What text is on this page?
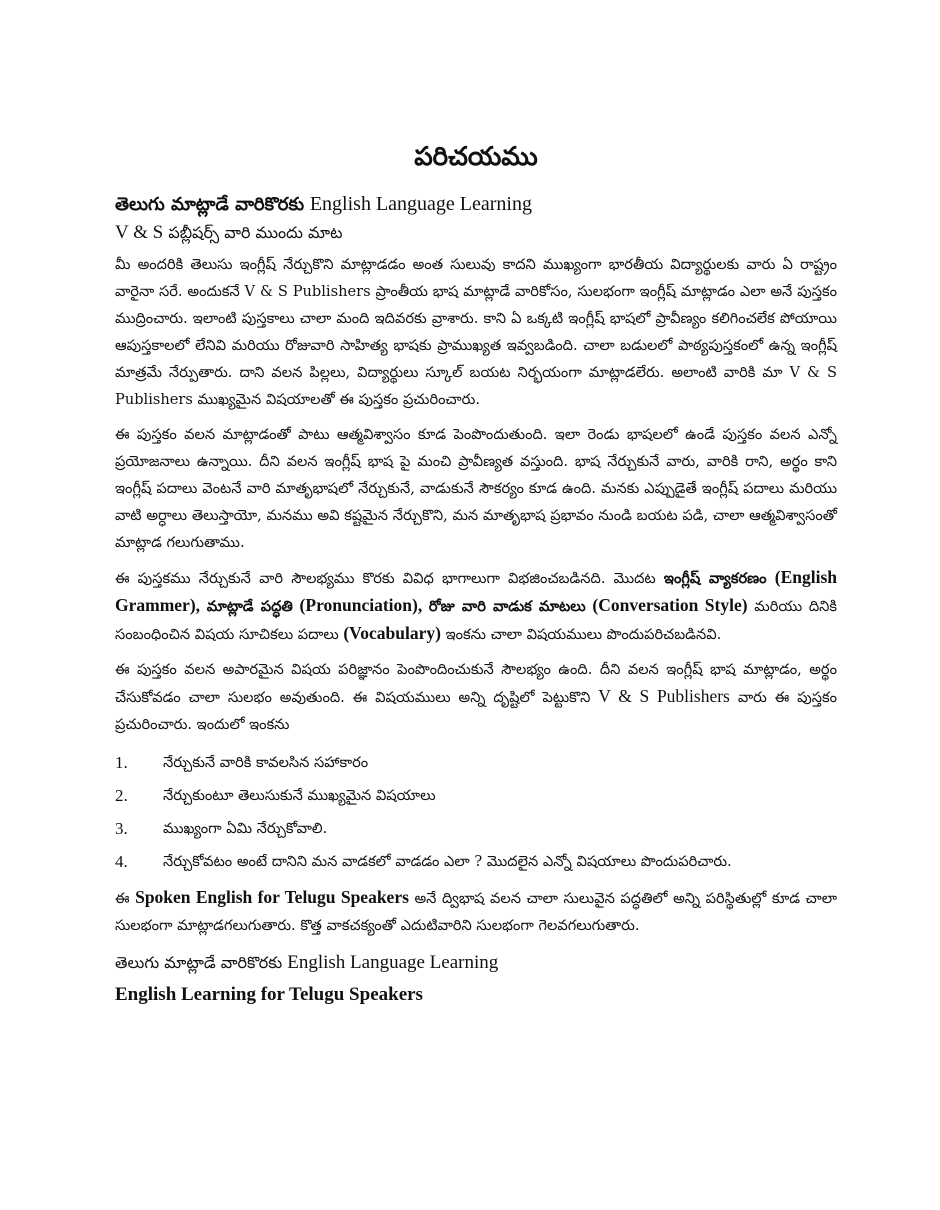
పరిచయము

తెలుగు మాట్లాడే వారికొరకు English Language Learning

V & S పబ్లీషర్స్ వారి ముందు మాట

మీ అందరికి తెలుసు ఇంగ్లీష్ నేర్చుకొని మాట్లాడడం అంత సులువు కాదని ముఖ్యంగా భారతీయ విద్యార్థులకు వారు ఏ రాష్ట్రం వారైనా సరే. అందుకనే V & S Publishers ప్రాంతీయ భాష మాట్లాడే వారికోసం, సులభంగా ఇంగ్లీష్ మాట్లాడం ఎలా అనే పుస్తకం ముద్రించారు. ఇలాంటి పుస్తకాలు చాలా మంది ఇదివరకు వ్రాశారు. కాని ఏ ఒక్కటి ఇంగ్లీష్ భాషలో ప్రావీణ్యం కలిగించలేక పోయాయి ఆపుస్తకాలలో లేనివి మరియు రోజువారి సాహిత్య భాషకు ప్రాముఖ్యత ఇవ్వబడింది. చాలా బడులలో పాఠ్యపుస్తకంలో ఉన్న ఇంగ్లీష్ మాత్రమే నేర్పుతారు. దాని వలన పిల్లలు, విద్యార్థులు స్కూల్ బయట నిర్భయంగా మాట్లాడలేరు. అలాంటి వారికి మా V & S Publishers ముఖ్యమైన విషయాలతో ఈ పుస్తకం ప్రచురించారు.

ఈ పుస్తకం వలన మాట్లాడంతో పాటు ఆత్మవిశ్వాసం కూడ పెంపొందుతుంది. ఇలా రెండు భాషలలో ఉండే పుస్తకం వలన ఎన్నో ప్రయోజనాలు ఉన్నాయి. దీని వలన ఇంగ్లీష్ భాష పై మంచి ప్రావీణ్యత వస్తుంది. భాష నేర్చుకునే వారు, వారికి రాని, అర్థం కాని ఇంగ్లీష్ పదాలు వెంటనే వారి మాతృభాషలో నేర్చుకునే, వాడుకునే సౌకర్యం కూడ ఉంది. మనకు ఎప్పుడైతే ఇంగ్లీష్ పదాలు మరియు వాటి అర్ధాలు తెలుస్తాయో, మనము అవి కష్టమైన నేర్చుకొని, మన మాతృభాష ప్రభావం నుండి బయట పడి, చాలా ఆత్మవిశ్వాసంతో మాట్లాడ గలుగుతాము.

ఈ పుస్తకము నేర్చుకునే వారి సౌలభ్యము కొరకు వివిధ భాగాలుగా విభజించబడినది. మొదట ఇంగ్లీష్ వ్యాకరణం (English Grammer), మాట్లాడే పద్ధతి (Pronunciation), రోజు వారి వాడుక మాటలు (Conversation Style) మరియు దినికి సంబంధించిన విషయ సూచికలు పదాలు (Vocabulary) ఇంకను చాలా విషయములు పొందుపరిచబడినవి.

ఈ పుస్తకం వలన అపారమైన విషయ పరిజ్ఞానం పెంపొందించుకునే సౌలభ్యం ఉంది. దీని వలన ఇంగ్లీష్ భాష మాట్లాడం, అర్థం చేసుకోవడం చాలా సులభం అవుతుంది. ఈ విషయములు అన్ని దృష్టిలో పెట్టుకొని V & S Publishers వారు ఈ పుస్తకం ప్రచురించారు. ఇందులో ఇంకను

1.	నేర్చుకునే వారికి కావలసిన సహాకారం
2.	నేర్చుకుంటూ తెలుసుకునే ముఖ్యమైన విషయాలు
3.	ముఖ్యంగా ఏమి నేర్చుకోవాలి.
4.	నేర్చుకోవటం అంటే దానిని మన వాడకలో వాడడం ఎలా ? మొదలైన ఎన్నో విషయాలు పొందుపరిచారు.

ఈ Spoken English for Telugu Speakers అనే ద్విభాష వలన చాలా సులువైన పద్ధతిలో అన్ని పరిస్థితుల్లో కూడ చాలా సులభంగా మాట్లాడగలుగుతారు. కొత్త వాకచక్యంతో ఎదుటివారిని సులభంగా గెలవగలుగుతారు.

తెలుగు మాట్లాడే వారికొరకు English Language Learning

English Learning for Telugu Speakers
